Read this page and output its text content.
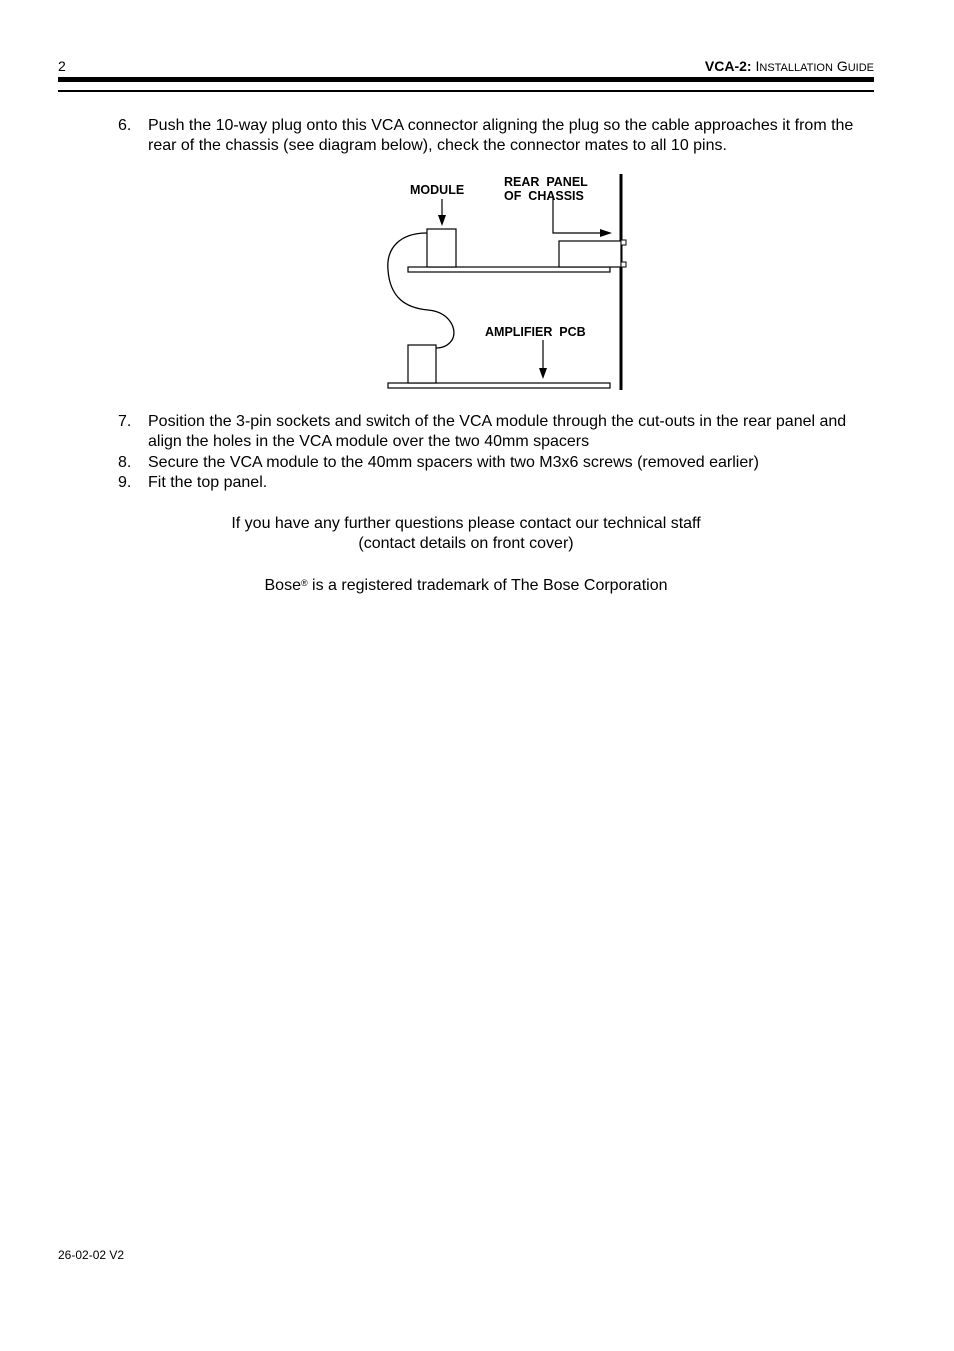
2	VCA-2: INSTALLATION GUIDE
6. Push the 10-way plug onto this VCA connector aligning the plug so the cable approaches it from the rear of the chassis (see diagram below), check the connector mates to all 10 pins.
MODULE
REAR  PANEL
OF  CHASSIS
AMPLIFIER  PCB
7. Position the 3-pin sockets and switch of the VCA module through the cut-outs in the rear panel and align the holes in the VCA module over the two 40mm spacers
8. Secure the VCA module to the 40mm spacers with two M3x6 screws (removed earlier)
9. Fit the top panel.
If you have any further questions please contact our technical staff
(contact details on front cover)
Bose® is a registered trademark of The Bose Corporation
26-02-02 V2
